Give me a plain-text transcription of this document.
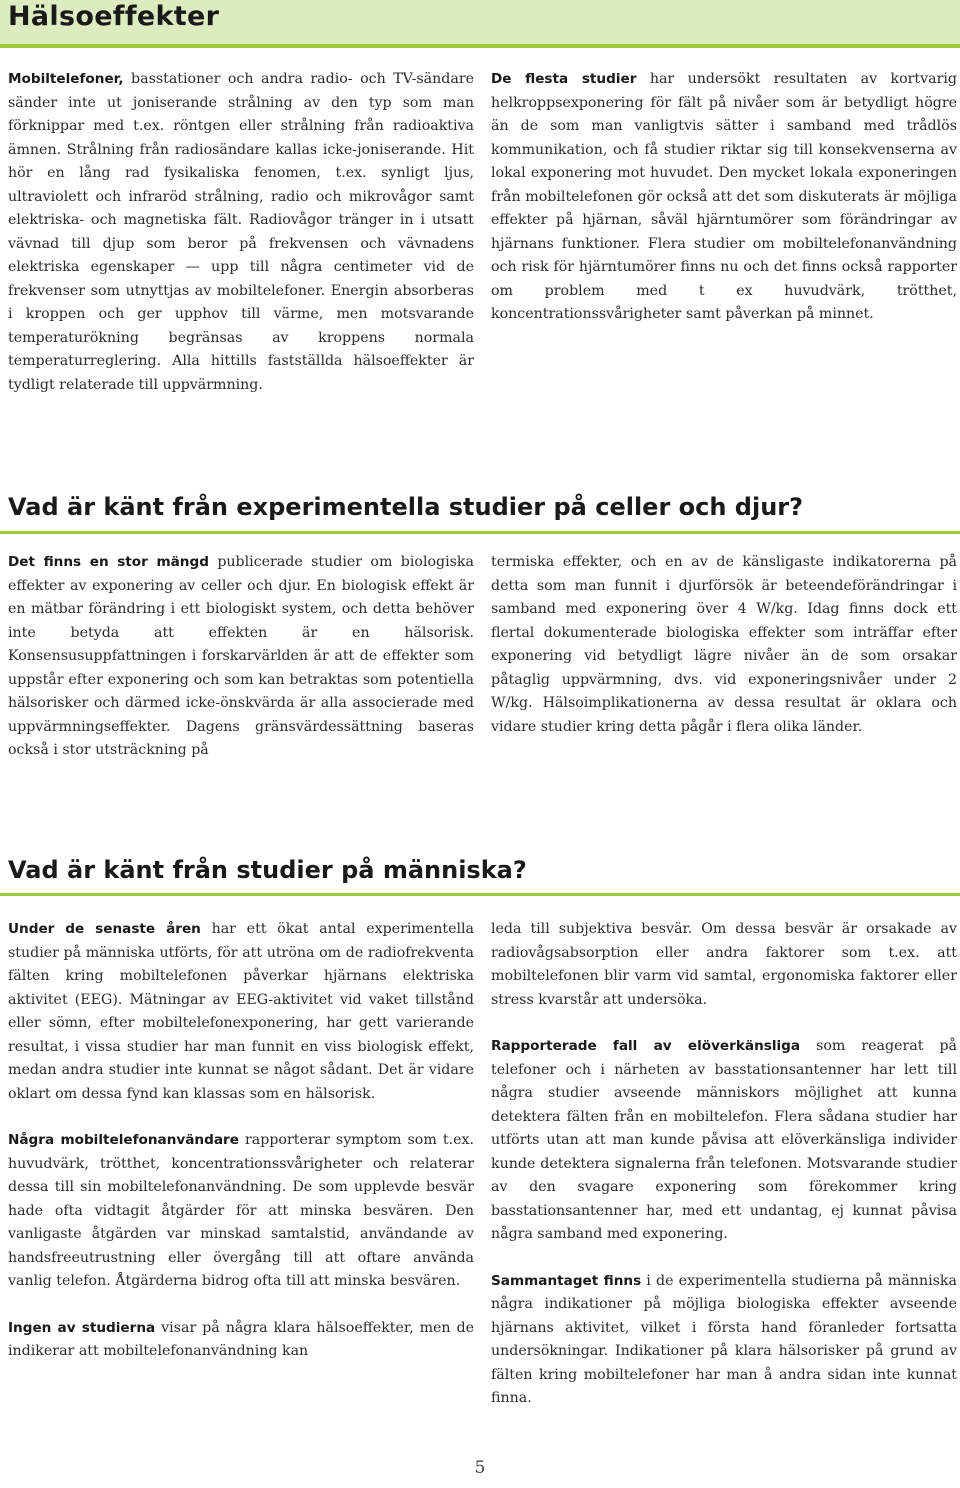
Hälsoeffekter

Mobiltelefoner, basstationer och andra radio- och TV-sändare sänder inte ut joniserande strålning av den typ som man förknippar med t.ex. röntgen eller strålning från radioaktiva ämnen. Strålning från radiosändare kallas icke-joniserande. Hit hör en lång rad fysikaliska fenomen, t.ex. synligt ljus, ultraviolett och infraröd strålning, radio och mikrovågor samt elektriska- och magnetiska fält. Radiovågor tränger in i utsatt vävnad till djup som beror på frekvensen och vävnadens elektriska egenskaper — upp till några centimeter vid de frekvenser som utnyttjas av mobiltelefoner. Energin absorberas i kroppen och ger upphov till värme, men motsvarande temperaturökning begränsas av kroppens normala temperaturreglering. Alla hittills fastställda hälsoeffekter är tydligt relaterade till uppvärmning.

De flesta studier har undersökt resultaten av kortvarig helkroppsexponering för fält på nivåer som är betydligt högre än de som man vanligtvis sätter i samband med trådlös kommunikation, och få studier riktar sig till konsekvenserna av lokal exponering mot huvudet. Den mycket lokala exponeringen från mobiltelefonen gör också att det som diskuterats är möjliga effekter på hjärnan, såväl hjärntumörer som förändringar av hjärnans funktioner. Flera studier om mobiltelefonanvändning och risk för hjärntumörer finns nu och det finns också rapporter om problem med t ex huvudvärk, trötthet, koncentrationssvårigheter samt påverkan på minnet.

Vad är känt från experimentella studier på celler och djur?

Det finns en stor mängd publicerade studier om biologiska effekter av exponering av celler och djur. En biologisk effekt är en mätbar förändring i ett biologiskt system, och detta behöver inte betyda att effekten är en hälsorisk. Konsensusuppfattningen i forskarvärlden är att de effekter som uppstår efter exponering och som kan betraktas som potentiella hälsorisker och därmed icke-önskvärda är alla associerade med uppvärmningseffekter. Dagens gränsvärdessättning baseras också i stor utsträckning på

termiska effekter, och en av de känsligaste indikatorerna på detta som man funnit i djurförsök är beteendeförändringar i samband med exponering över 4 W/kg. Idag finns dock ett flertal dokumenterade biologiska effekter som inträffar efter exponering vid betydligt lägre nivåer än de som orsakar påtaglig uppvärmning, dvs. vid exponeringsnivåer under 2 W/kg. Hälsoimplikationerna av dessa resultat är oklara och vidare studier kring detta pågår i flera olika länder.

Vad är känt från studier på människa?

Under de senaste åren har ett ökat antal experimentella studier på människa utförts, för att utröna om de radiofrekventa fälten kring mobiltelefonen påverkar hjärnans elektriska aktivitet (EEG). Mätningar av EEG-aktivitet vid vaket tillstånd eller sömn, efter mobiltelefonexponering, har gett varierande resultat, i vissa studier har man funnit en viss biologisk effekt, medan andra studier inte kunnat se något sådant. Det är vidare oklart om dessa fynd kan klassas som en hälsorisk.

Några mobiltelefonanvändare rapporterar symptom som t.ex. huvudvärk, trötthet, koncentrationssvårigheter och relaterar dessa till sin mobiltelefonanvändning. De som upplevde besvär hade ofta vidtagit åtgärder för att minska besvären. Den vanligaste åtgärden var minskad samtalstid, användande av handsfreeutrustning eller övergång till att oftare använda vanlig telefon. Åtgärderna bidrog ofta till att minska besvären.

Ingen av studierna visar på några klara hälsoeffekter, men de indikerar att mobiltelefonanvändning kan

leda till subjektiva besvär. Om dessa besvär är orsakade av radiovågsabsorption eller andra faktorer som t.ex. att mobiltelefonen blir varm vid samtal, ergonomiska faktorer eller stress kvarstår att undersöka.

Rapporterade fall av elöverkänsliga som reagerat på telefoner och i närheten av basstationsantenner har lett till några studier avseende människors möjlighet att kunna detektera fälten från en mobiltelefon. Flera sådana studier har utförts utan att man kunde påvisa att elöverkänsliga individer kunde detektera signalerna från telefonen. Motsvarande studier av den svagare exponering som förekommer kring basstationsantenner har, med ett undantag, ej kunnat påvisa några samband med exponering.

Sammantaget finns i de experimentella studierna på människa några indikationer på möjliga biologiska effekter avseende hjärnans aktivitet, vilket i första hand föranleder fortsatta undersökningar. Indikationer på klara hälsorisker på grund av fälten kring mobiltelefoner har man å andra sidan inte kunnat finna.

5
